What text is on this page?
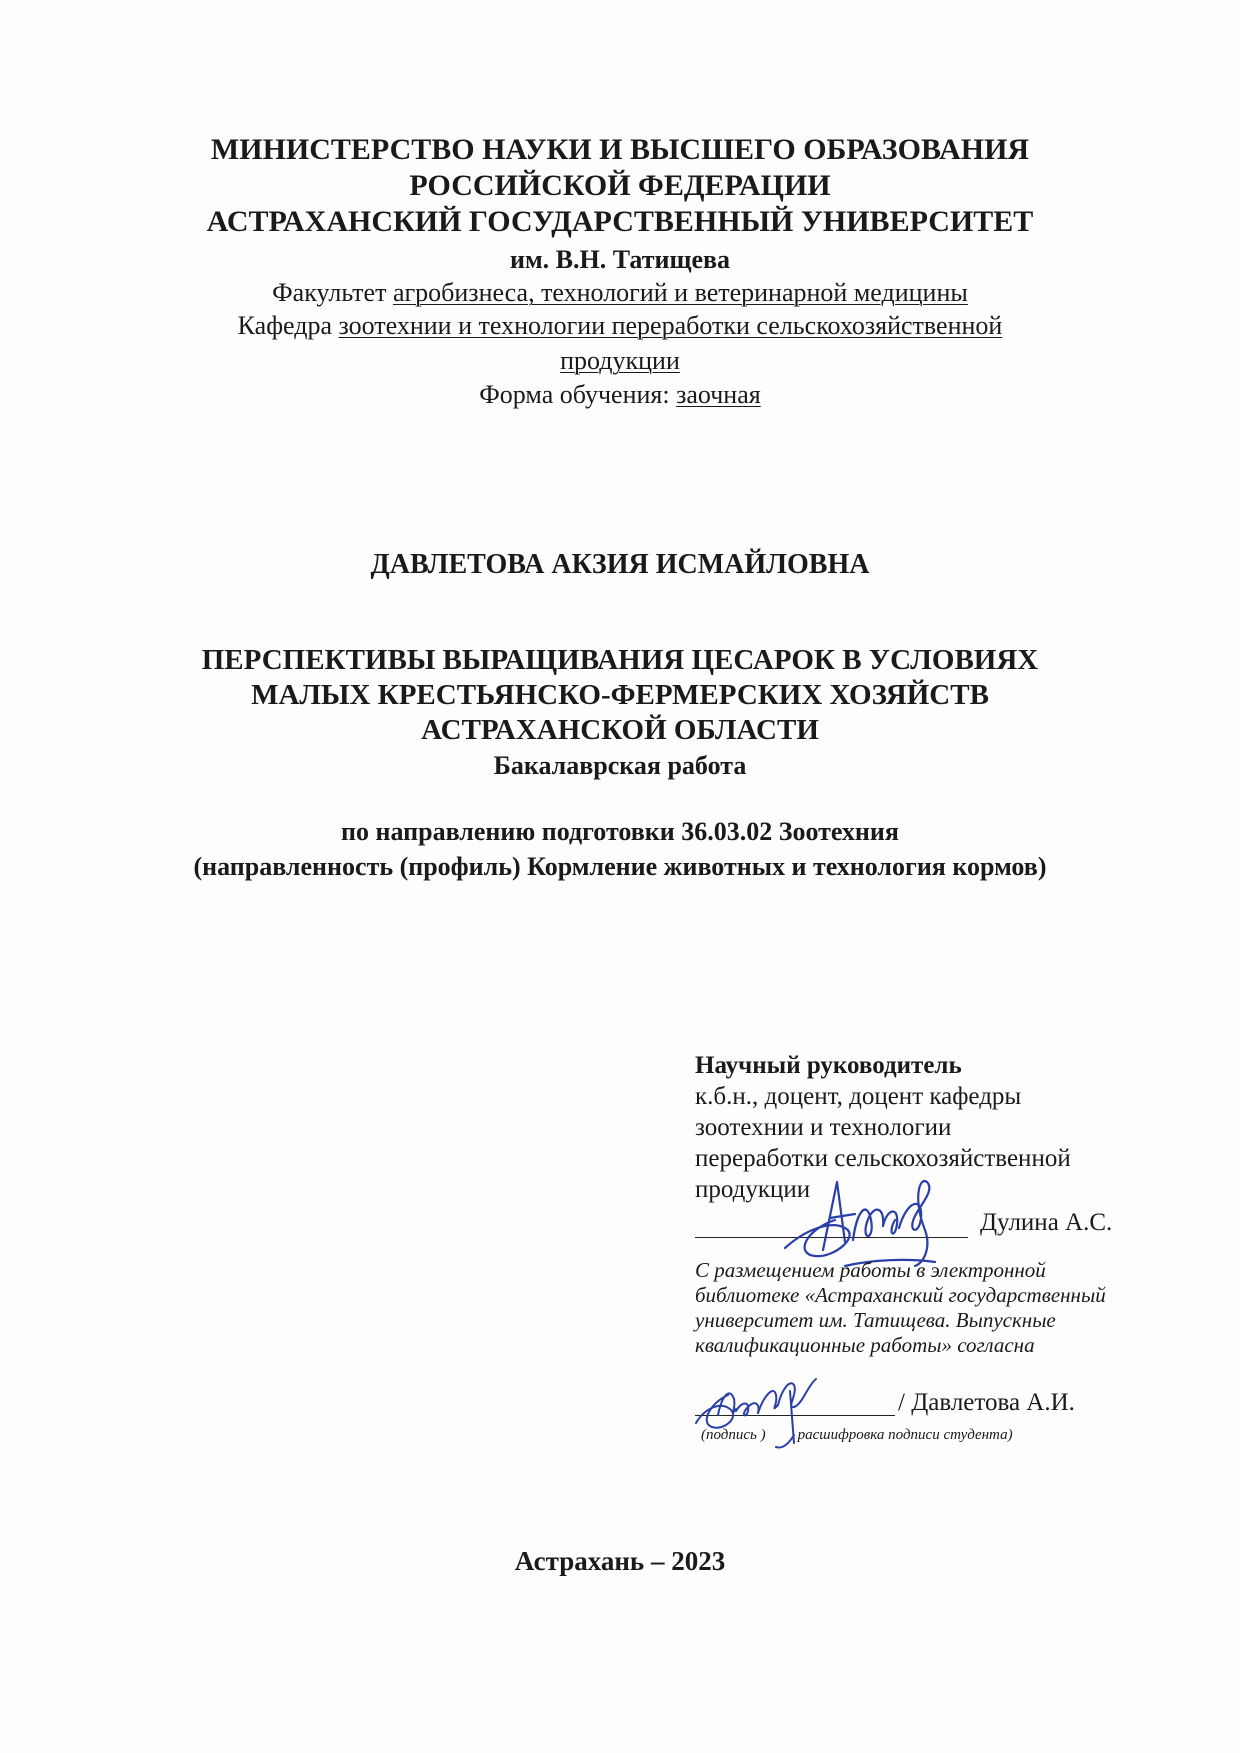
МИНИСТЕРСТВО НАУКИ И ВЫСШЕГО ОБРАЗОВАНИЯ
РОССИЙСКОЙ ФЕДЕРАЦИИ
АСТРАХАНСКИЙ ГОСУДАРСТВЕННЫЙ УНИВЕРСИТЕТ
им. В.Н. Татищева
Факультет агробизнеса, технологий и ветеринарной медицины
Кафедра зоотехнии и технологии переработки сельскохозяйственной
продукции
Форма обучения: заочная
ДАВЛЕТОВА АКЗИЯ ИСМАЙЛОВНА
ПЕРСПЕКТИВЫ ВЫРАЩИВАНИЯ ЦЕСАРОК В УСЛОВИЯХ
МАЛЫХ КРЕСТЬЯНСКО-ФЕРМЕРСКИХ ХОЗЯЙСТВ
АСТРАХАНСКОЙ ОБЛАСТИ
Бакалаврская работа
по направлению подготовки 36.03.02 Зоотехния
(направленность (профиль) Кормление животных и технология кормов)
Научный руководитель
к.б.н., доцент, доцент кафедры
зоотехнии и технологии
переработки сельскохозяйственной
продукции
Дулина А.С.
С размещением работы в электронной
библиотеке «Астраханский государственный
университет им. Татищева. Выпускные
квалификационные работы» согласна
/ Давлетова А.И.
(подпись ) расшифровка подписи студента)
Астрахань – 2023
